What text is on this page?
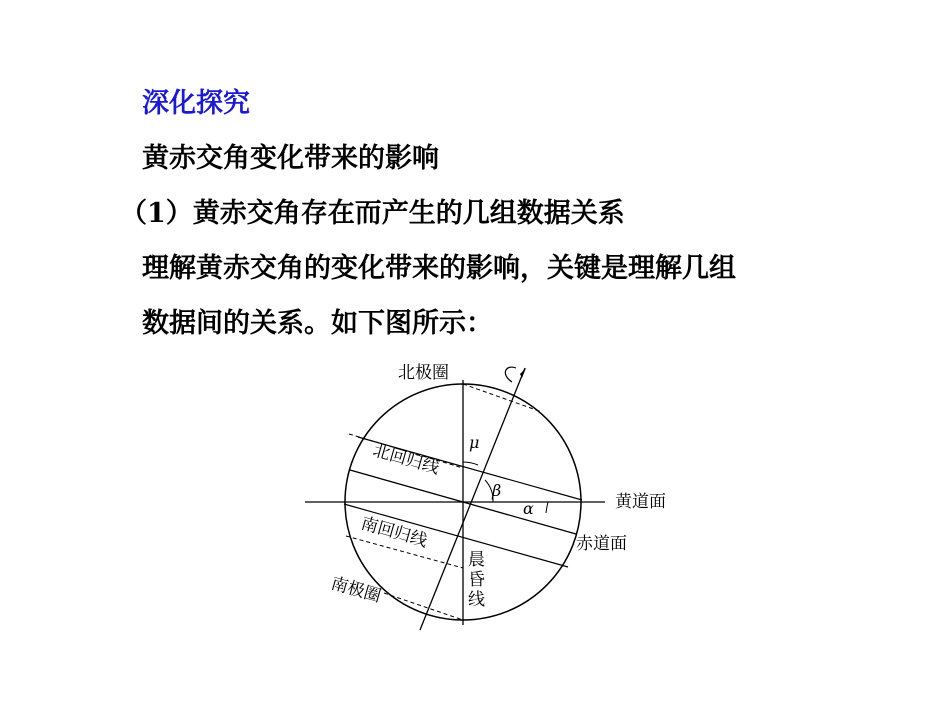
深化探究
黄赤交角变化带来的影响
（1）黄赤交角存在而产生的几组数据关系
理解黄赤交角的变化带来的影响，关键是理解几组
数据间的关系。如下图所示：
北极圈
北回归线
南回归线
南极圈
黄道面
赤道面
μ
β
α
晨 昏 线
